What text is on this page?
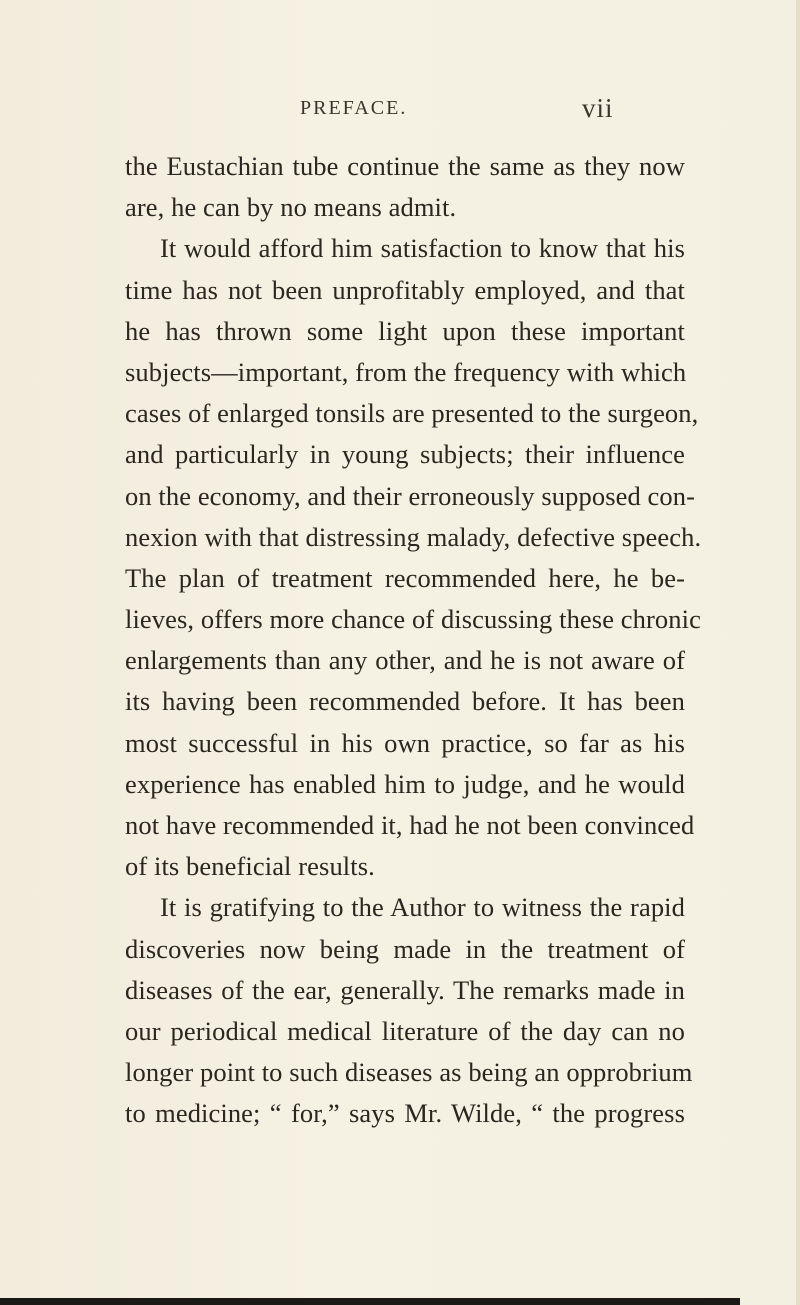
PREFACE.	vii
the Eustachian tube continue the same as they now
are, he can by no means admit.
It would afford him satisfaction to know that his
time has not been unprofitably employed, and that
he has thrown some light upon these important
subjects—important, from the frequency with which
cases of enlarged tonsils are presented to the surgeon,
and particularly in young subjects; their influence
on the economy, and their erroneously supposed con-
nexion with that distressing malady, defective speech.
The plan of treatment recommended here, he be-
lieves, offers more chance of discussing these chronic
enlargements than any other, and he is not aware of
its having been recommended before. It has been
most successful in his own practice, so far as his
experience has enabled him to judge, and he would
not have recommended it, had he not been convinced
of its beneficial results.
It is gratifying to the Author to witness the rapid
discoveries now being made in the treatment of
diseases of the ear, generally. The remarks made in
our periodical medical literature of the day can no
longer point to such diseases as being an opprobrium
to medicine; “ for,” says Mr. Wilde, “ the progress
